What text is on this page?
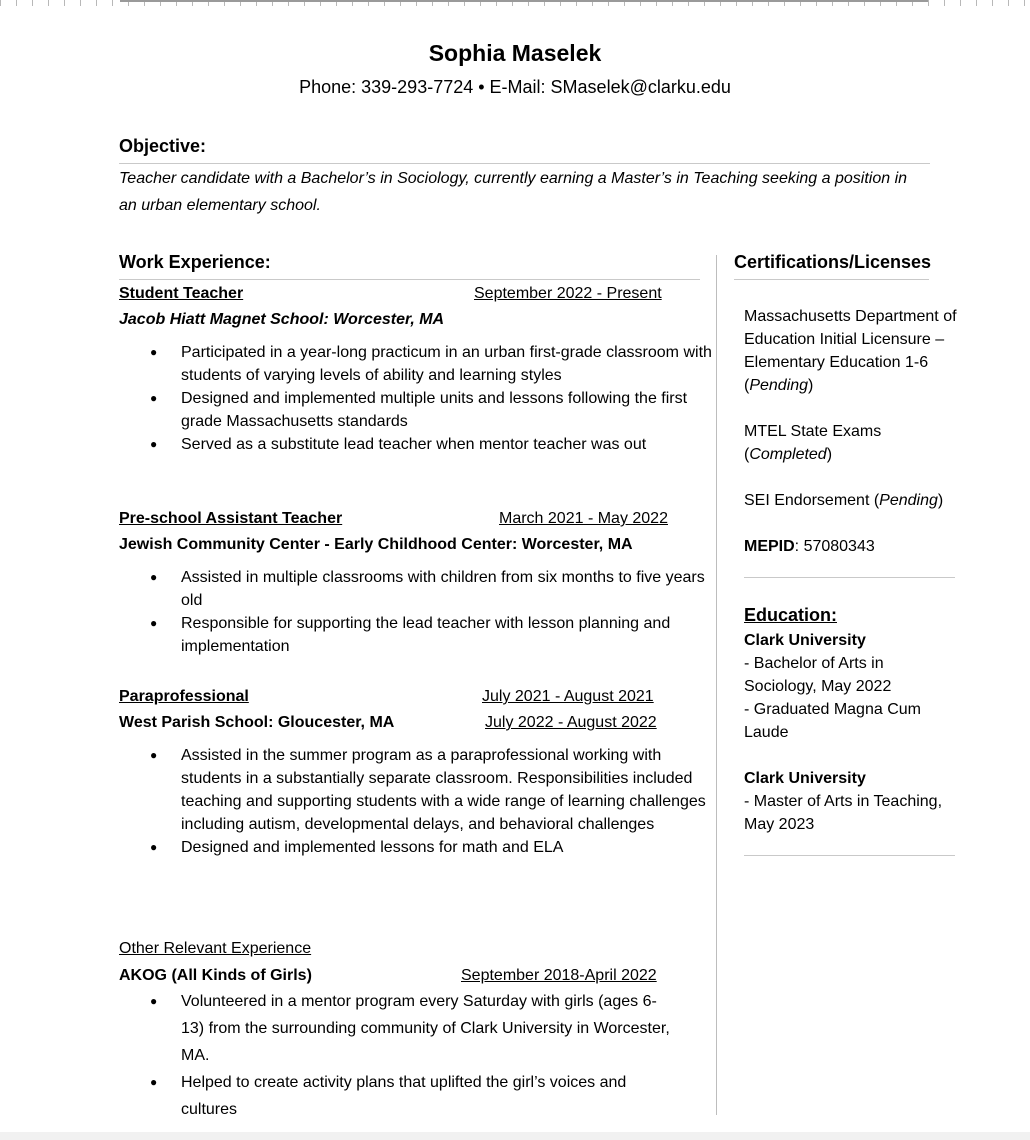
Sophia Maselek
Phone: 339-293-7724 • E-Mail: SMaselek@clarku.edu
Objective:
Teacher candidate with a Bachelor’s in Sociology, currently earning a Master’s in Teaching seeking a position in an urban elementary school.
Work Experience:
Student Teacher	September 2022 - Present
Jacob Hiatt Magnet School: Worcester, MA
● Participated in a year-long practicum in an urban first-grade classroom with students of varying levels of ability and learning styles
● Designed and implemented multiple units and lessons following the first grade Massachusetts standards
● Served as a substitute lead teacher when mentor teacher was out
Pre-school Assistant Teacher	March 2021 - May 2022
Jewish Community Center - Early Childhood Center: Worcester, MA
● Assisted in multiple classrooms with children from six months to five years old
● Responsible for supporting the lead teacher with lesson planning and implementation
Paraprofessional	July 2021 - August 2021
West Parish School: Gloucester, MA	July 2022 - August 2022
● Assisted in the summer program as a paraprofessional working with students in a substantially separate classroom. Responsibilities included teaching and supporting students with a wide range of learning challenges including autism, developmental delays, and behavioral challenges
● Designed and implemented lessons for math and ELA
Other Relevant Experience
AKOG (All Kinds of Girls)	September 2018-April 2022
● Volunteered in a mentor program every Saturday with girls (ages 6-13) from the surrounding community of Clark University in Worcester, MA.
● Helped to create activity plans that uplifted the girl’s voices and cultures
Certifications/Licenses
Massachusetts Department of Education Initial Licensure – Elementary Education 1-6 (Pending)
MTEL State Exams (Completed)
SEI Endorsement (Pending)
MEPID: 57080343
Education:
Clark University
- Bachelor of Arts in Sociology, May 2022
- Graduated Magna Cum Laude
Clark University
- Master of Arts in Teaching, May 2023
